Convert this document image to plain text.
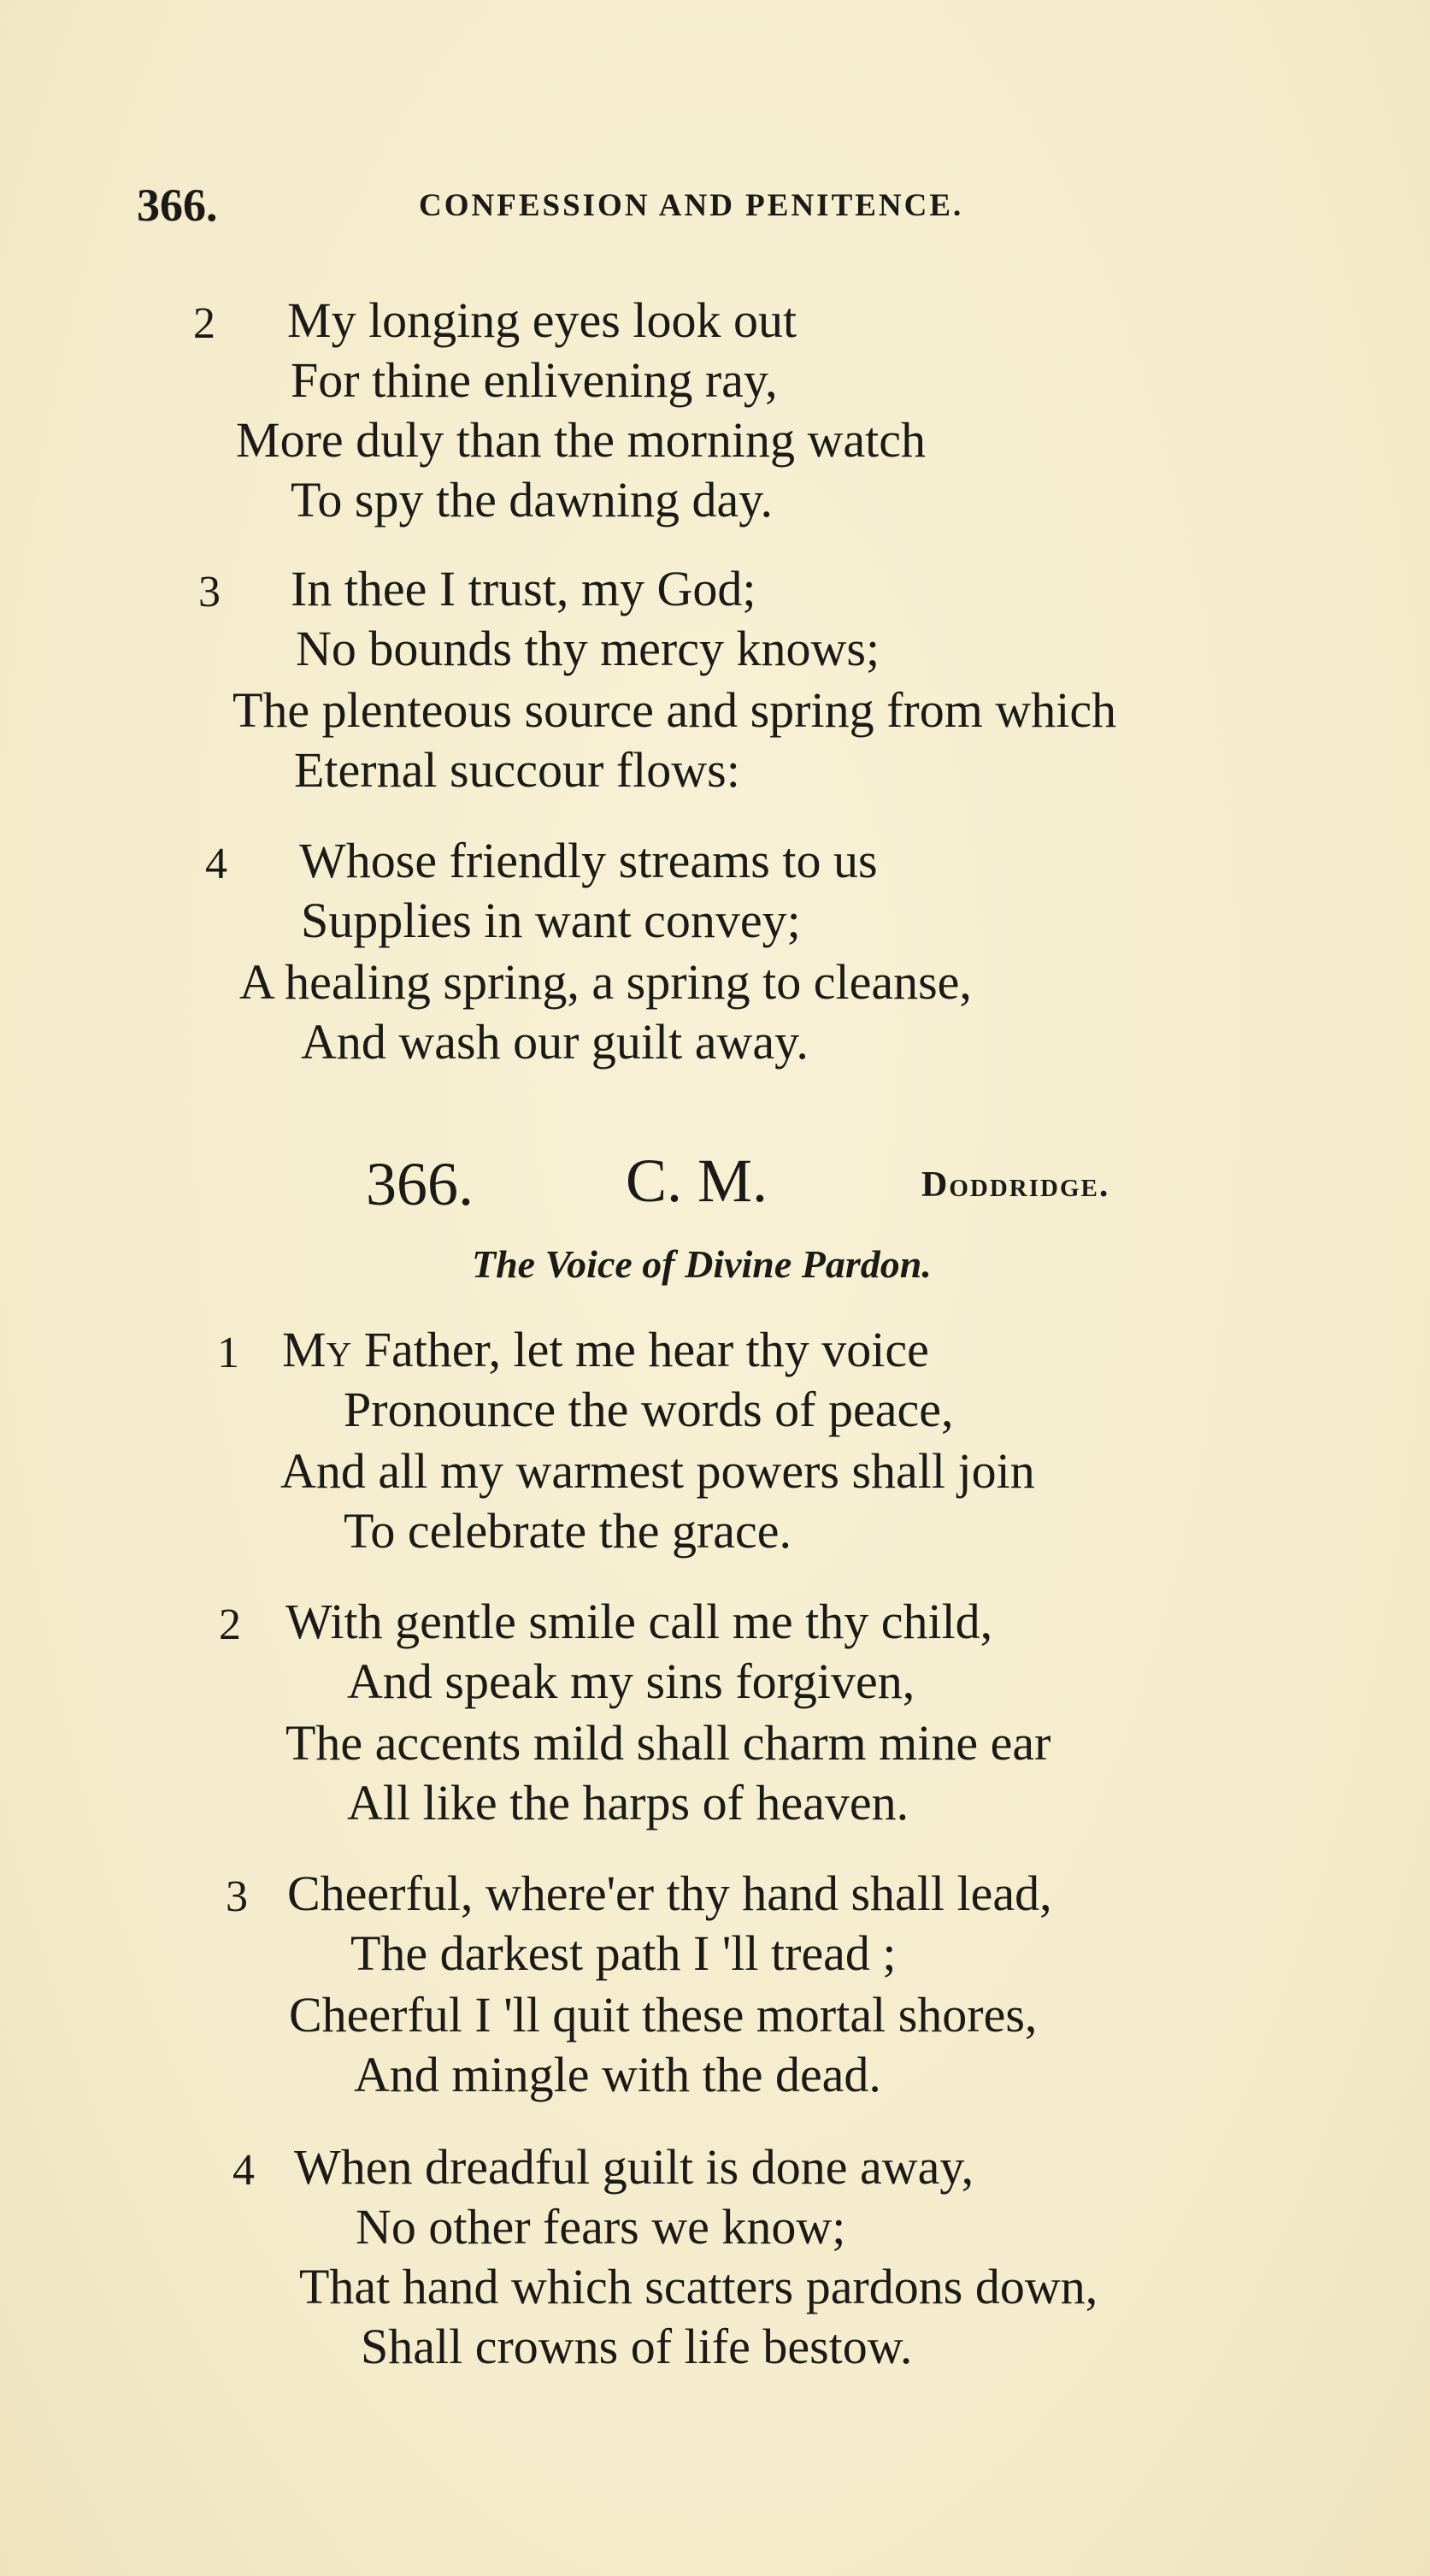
366.	CONFESSION AND PENITENCE.
2 My longing eyes look out
For thine enlivening ray,
More duly than the morning watch
To spy the dawning day.
3 In thee I trust, my God;
No bounds thy mercy knows;
The plenteous source and spring from which
Eternal succour flows:
4 Whose friendly streams to us
Supplies in want convey;
A healing spring, a spring to cleanse,
And wash our guilt away.
366. C. M.	Doddridge.
The Voice of Divine Pardon.
1 My Father, let me hear thy voice
Pronounce the words of peace,
And all my warmest powers shall join
To celebrate the grace.
2 With gentle smile call me thy child,
And speak my sins forgiven,
The accents mild shall charm mine ear
All like the harps of heaven.
3 Cheerful, where'er thy hand shall lead,
The darkest path I 'll tread ;
Cheerful I 'll quit these mortal shores,
And mingle with the dead.
4 When dreadful guilt is done away,
No other fears we know;
That hand which scatters pardons down,
Shall crowns of life bestow.
